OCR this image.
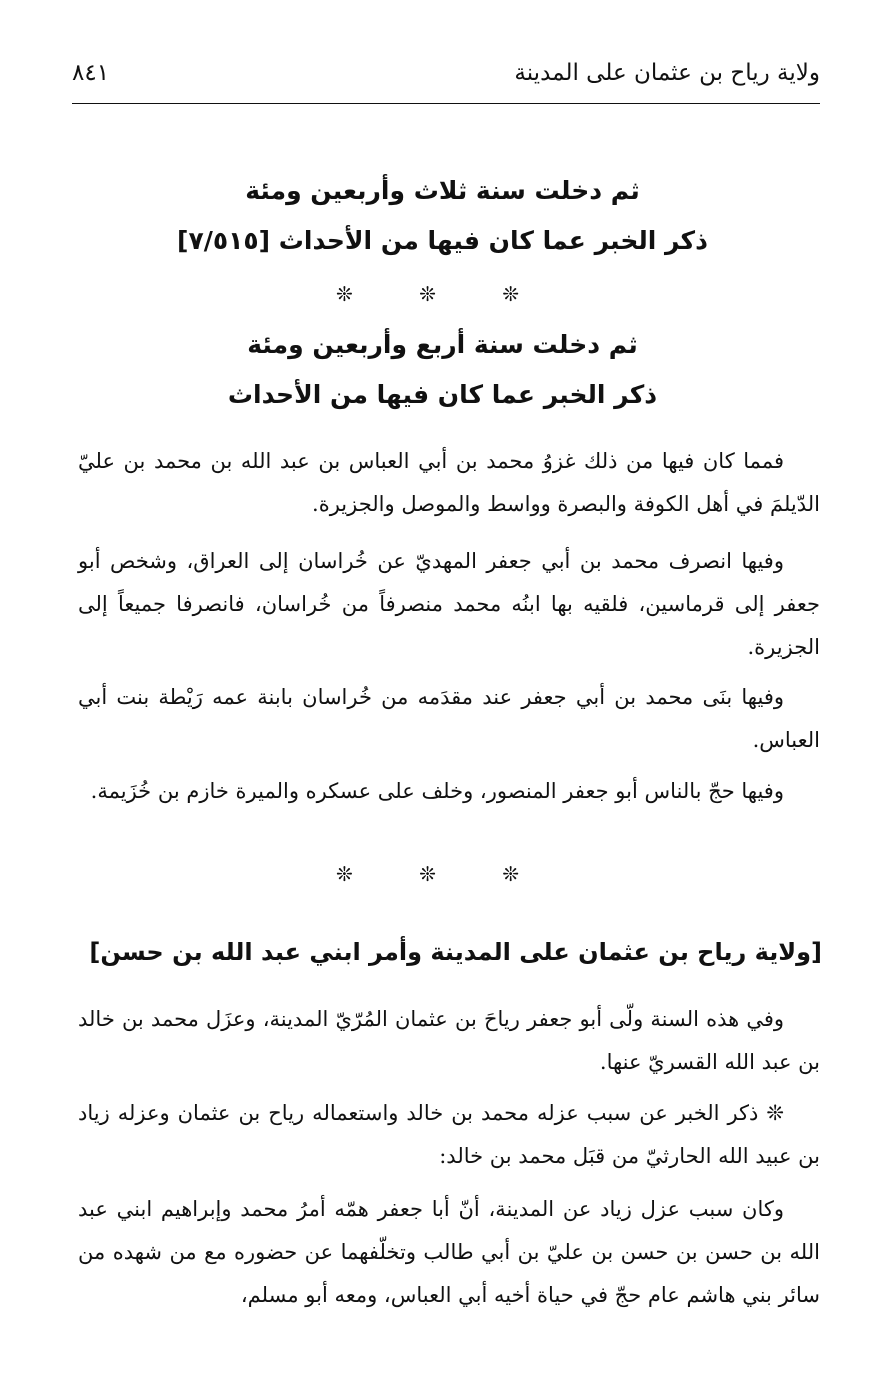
ولاية رياح بن عثمان على المدينة
٨٤١
ثم دخلت سنة ثلاث وأربعين ومئة
ذكر الخبر عما كان فيها من الأحداث [٧/٥١٥]
❊ ❊ ❊
ثم دخلت سنة أربع وأربعين ومئة
ذكر الخبر عما كان فيها من الأحداث

فمما كان فيها من ذلك غزوُ محمد بن أبي العباس بن عبد الله بن محمد بن عليّ الدّيلمَ في أهل الكوفة والبصرة وواسط والموصل والجزيرة.

وفيها انصرف محمد بن أبي جعفر المهديّ عن خُراسان إلى العراق، وشخص أبو جعفر إلى قرماسين، فلقيه بها ابنُه محمد منصرفاً من خُراسان، فانصرفا جميعاً إلى الجزيرة.

وفيها بنَى محمد بن أبي جعفر عند مقدَمه من خُراسان بابنة عمه رَيْطة بنت أبي العباس.

وفيها حجّ بالناس أبو جعفر المنصور، وخلف على عسكره والميرة خازم بن خُزَيمة.

❊ ❊ ❊
[ولاية رياح بن عثمان على المدينة وأمر ابني عبد الله بن حسن]

وفي هذه السنة ولّى أبو جعفر رياحَ بن عثمان المُرّيّ المدينة، وعزَل محمد بن خالد بن عبد الله القسريّ عنها.

❊ ذكر الخبر عن سبب عزله محمد بن خالد واستعماله رياح بن عثمان وعزله زياد بن عبيد الله الحارثيّ من قبَل محمد بن خالد:

وكان سبب عزل زياد عن المدينة، أنّ أبا جعفر همّه أمرُ محمد وإبراهيم ابني عبد الله بن حسن بن حسن بن عليّ بن أبي طالب وتخلّفهما عن حضوره مع من شهده من سائر بني هاشم عام حجّ في حياة أخيه أبي العباس، ومعه أبو مسلم،
